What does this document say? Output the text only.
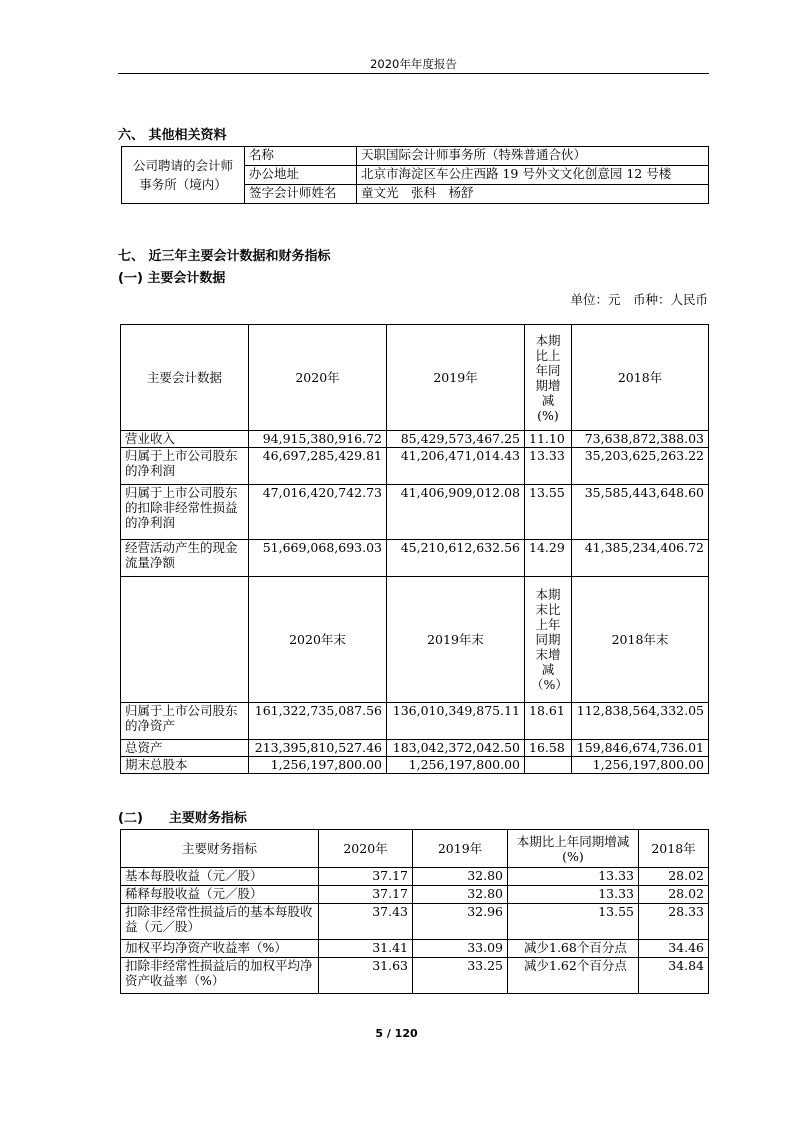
2020年年度报告
六、 其他相关资料
公司聘请的会计师事务所（境内）	名称	天职国际会计师事务所（特殊普通合伙）
	办公地址	北京市海淀区车公庄西路 19 号外文文化创意园 12 号楼
	签字会计师姓名	童文光　张科　杨舒
七、 近三年主要会计数据和财务指标
(一) 主要会计数据
单位：元　币种：人民币
主要会计数据	2020年	2019年	本期比上年同期增减(%)	2018年
营业收入	94,915,380,916.72	85,429,573,467.25	11.10	73,638,872,388.03
归属于上市公司股东的净利润	46,697,285,429.81	41,206,471,014.43	13.33	35,203,625,263.22
归属于上市公司股东的扣除非经常性损益的净利润	47,016,420,742.73	41,406,909,012.08	13.55	35,585,443,648.60
经营活动产生的现金流量净额	51,669,068,693.03	45,210,612,632.56	14.29	41,385,234,406.72
	2020年末	2019年末	本期末比上年同期末增减（%）	2018年末
归属于上市公司股东的净资产	161,322,735,087.56	136,010,349,875.11	18.61	112,838,564,332.05
总资产	213,395,810,527.46	183,042,372,042.50	16.58	159,846,674,736.01
期末总股本	1,256,197,800.00	1,256,197,800.00		1,256,197,800.00
(二)　　主要财务指标
主要财务指标	2020年	2019年	本期比上年同期增减(%)	2018年
基本每股收益（元／股）	37.17	32.80	13.33	28.02
稀释每股收益（元／股）	37.17	32.80	13.33	28.02
扣除非经常性损益后的基本每股收益（元／股）	37.43	32.96	13.55	28.33
加权平均净资产收益率（%）	31.41	33.09	减少1.68个百分点	34.46
扣除非经常性损益后的加权平均净资产收益率（%）	31.63	33.25	减少1.62个百分点	34.84
5 / 120
